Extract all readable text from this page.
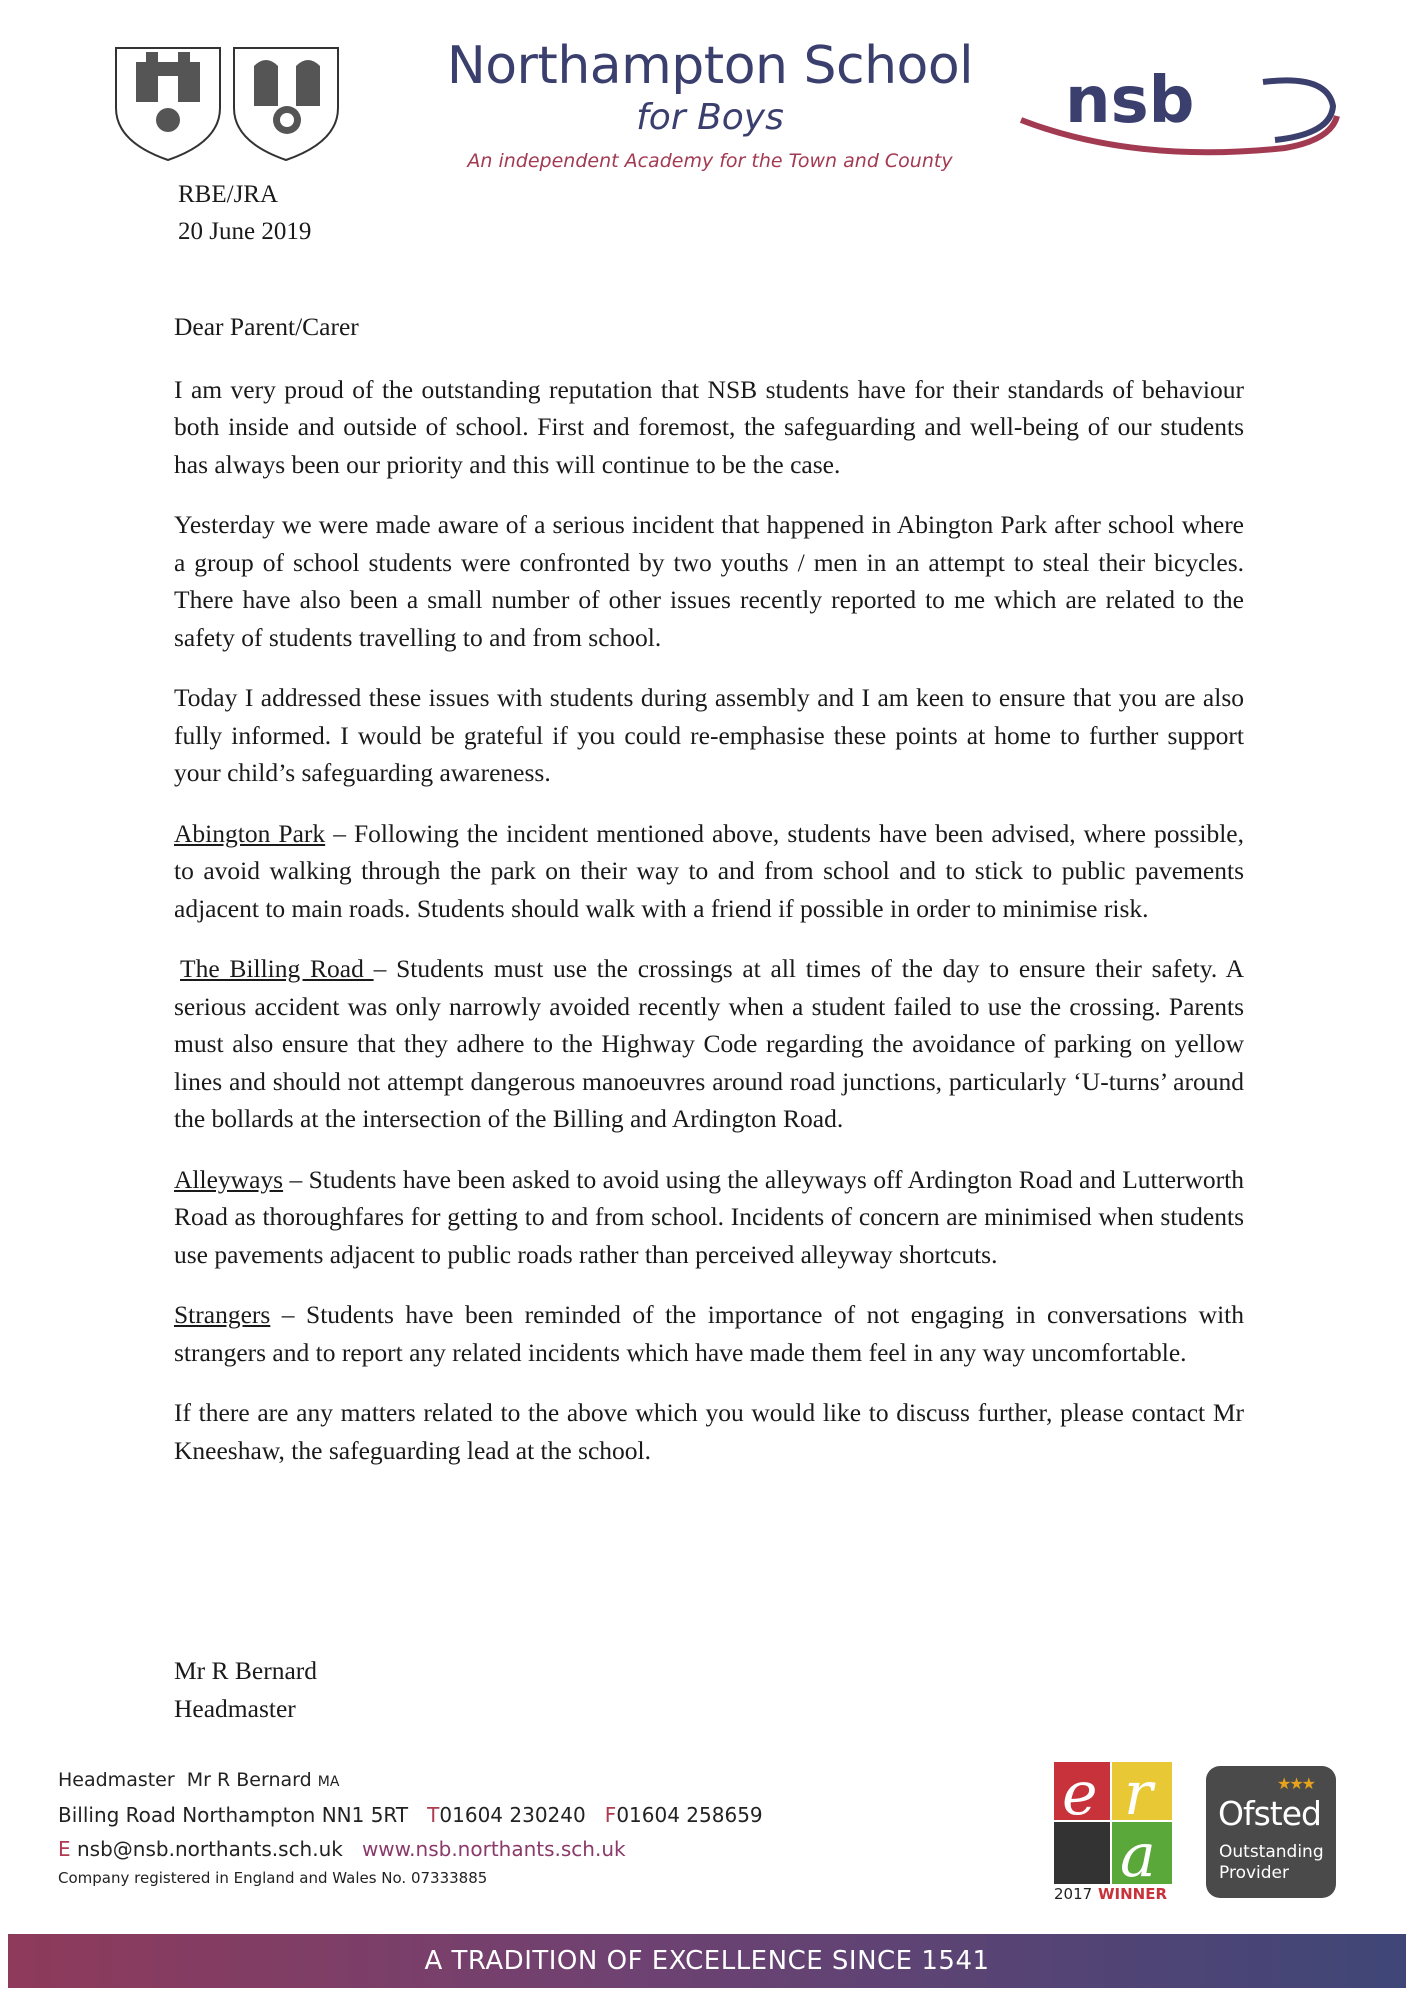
Northampton School
for Boys
An independent Academy for the Town and County
nsb
RBE/JRA
20 June 2019

Dear Parent/Carer

I am very proud of the outstanding reputation that NSB students have for their standards of behaviour both inside and outside of school. First and foremost, the safeguarding and well-being of our students has always been our priority and this will continue to be the case.

Yesterday we were made aware of a serious incident that happened in Abington Park after school where a group of school students were confronted by two youths / men in an attempt to steal their bicycles. There have also been a small number of other issues recently reported to me which are related to the safety of students travelling to and from school.

Today I addressed these issues with students during assembly and I am keen to ensure that you are also fully informed. I would be grateful if you could re-emphasise these points at home to further support your child’s safeguarding awareness.

Abington Park – Following the incident mentioned above, students have been advised, where possible, to avoid walking through the park on their way to and from school and to stick to public pavements adjacent to main roads. Students should walk with a friend if possible in order to minimise risk.

The Billing Road – Students must use the crossings at all times of the day to ensure their safety. A serious accident was only narrowly avoided recently when a student failed to use the crossing. Parents must also ensure that they adhere to the Highway Code regarding the avoidance of parking on yellow lines and should not attempt dangerous manoeuvres around road junctions, particularly ‘U-turns’ around the bollards at the intersection of the Billing and Ardington Road.

Alleyways – Students have been asked to avoid using the alleyways off Ardington Road and Lutterworth Road as thoroughfares for getting to and from school. Incidents of concern are minimised when students use pavements adjacent to public roads rather than perceived alleyway shortcuts.

Strangers – Students have been reminded of the importance of not engaging in conversations with strangers and to report any related incidents which have made them feel in any way uncomfortable.

If there are any matters related to the above which you would like to discuss further, please contact Mr Kneeshaw, the safeguarding lead at the school.

Mr R Bernard
Headmaster
Headmaster Mr R Bernard MA
Billing Road Northampton NN1 5RT T01604 230240 F01604 258659
E nsb@nsb.northants.sch.uk www.nsb.northants.sch.uk
Company registered in England and Wales No. 07333885
e r
a
2017 WINNER
★★★
Ofsted
Outstanding
Provider
A TRADITION OF EXCELLENCE SINCE 1541
